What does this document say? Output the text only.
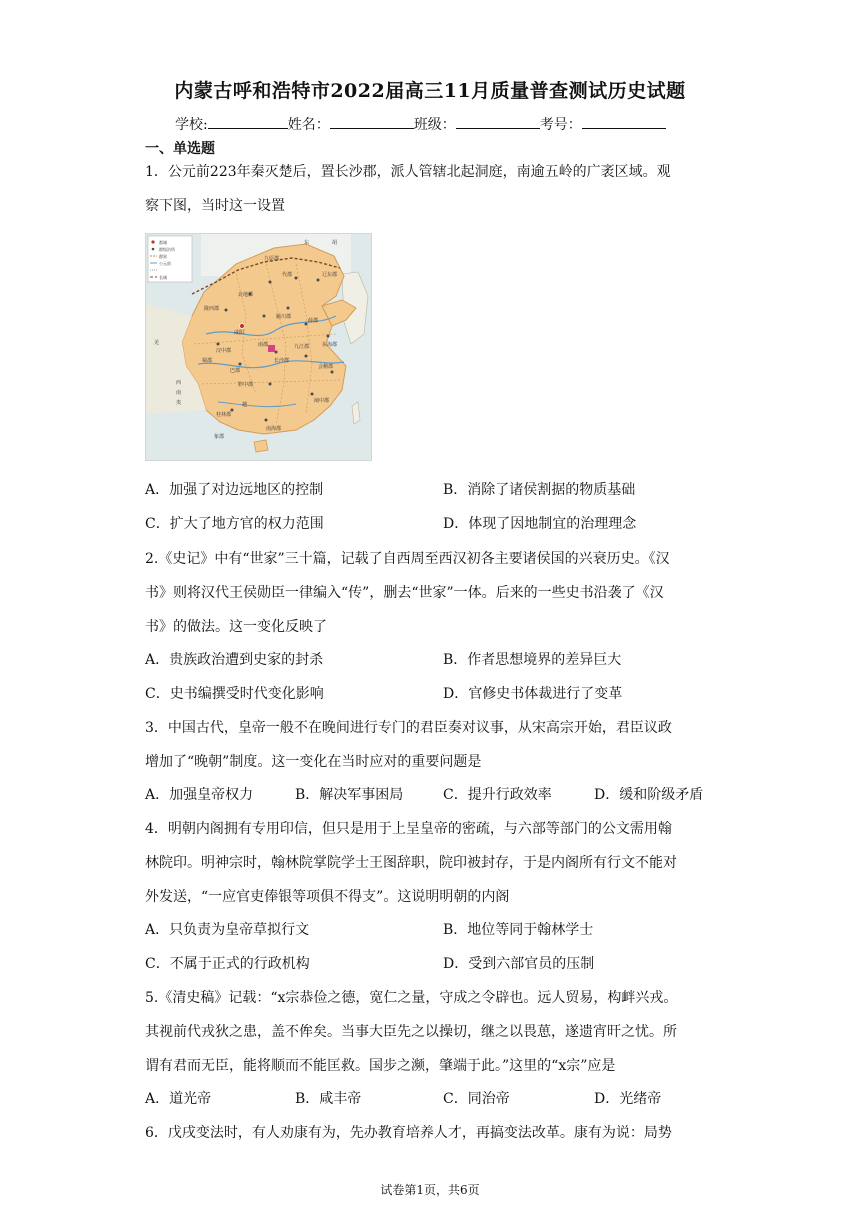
内蒙古呼和浩特市2022届高三11月质量普查测试历史试题
学校:	姓名：	班级：	考号：
一、单选题
1．公元前223年秦灭楚后，置长沙郡，派人管辖北起洞庭，南逾五岭的广袤区域。观
察下图，当时这一设置
都城
郡级治所
郡界
公元前
长城
东	胡
九原郡
辽东郡
代郡
咸阳
长沙郡
南海郡
闽中郡
桂林郡
象郡
会稽郡
陇西郡
北地郡
汉中郡
蜀郡
巴郡
南郡
颍川郡
薛郡
东海郡
九江郡
黔中郡
羌
西
南
夷	越
A．加强了对边远地区的控制	B．消除了诸侯割据的物质基础
C．扩大了地方官的权力范围	D．体现了因地制宜的治理理念
2.《史记》中有“世家”三十篇，记载了自西周至西汉初各主要诸侯国的兴衰历史。《汉
书》则将汉代王侯勋臣一律编入“传”，删去“世家”一体。后来的一些史书沿袭了《汉
书》的做法。这一变化反映了
A．贵族政治遭到史家的封杀	B．作者思想境界的差异巨大
C．史书编撰受时代变化影响	D．官修史书体裁进行了变革
3．中国古代，皇帝一般不在晚间进行专门的君臣奏对议事，从宋高宗开始，君臣议政
增加了“晚朝”制度。这一变化在当时应对的重要问题是
A．加强皇帝权力	B．解决军事困局	C．提升行政效率	D．缓和阶级矛盾
4．明朝内阁拥有专用印信，但只是用于上呈皇帝的密疏，与六部等部门的公文需用翰
林院印。明神宗时，翰林院掌院学士王图辞职，院印被封存，于是内阁所有行文不能对
外发送，“一应官吏俸银等项俱不得支”。这说明明朝的内阁
A．只负责为皇帝草拟行文	B．地位等同于翰林学士
C．不属于正式的行政机构	D．受到六部官员的压制
5.《清史稿》记载：“x宗恭俭之德，宽仁之量，守成之令辟也。远人贸易，构衅兴戎。
其视前代戎狄之患，盖不侔矣。当事大臣先之以操切，继之以畏葸，遂遗宵旰之忧。所
谓有君而无臣，能将顺而不能匡救。国步之濒，肇端于此。”这里的“x宗”应是
A．道光帝	B．咸丰帝	C．同治帝	D．光绪帝
6．戊戌变法时，有人劝康有为，先办教育培养人才，再搞变法改革。康有为说：局势
试卷第1页，共6页
